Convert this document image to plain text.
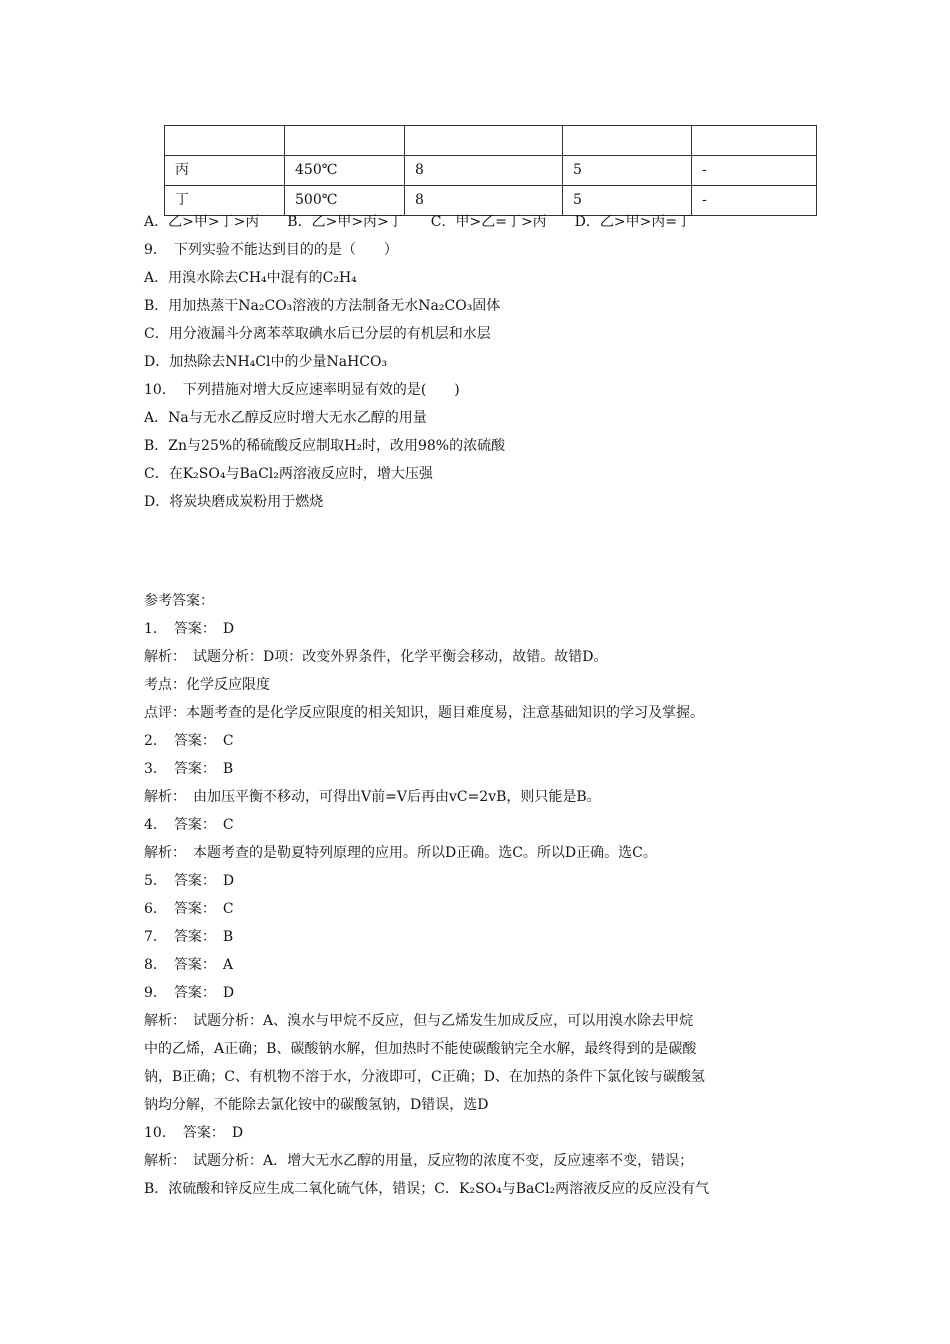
丙	450℃	8	5	-
丁	500℃	8	5	-
A．乙>甲>丁>丙　　B．乙>甲>丙>丁　　C．甲>乙=丁>丙　　D．乙>甲>丙=丁
9．　下列实验不能达到目的的是（　　）
A．用溴水除去CH₄中混有的C₂H₄
B．用加热蒸干Na₂CO₃溶液的方法制备无水Na₂CO₃固体
C．用分液漏斗分离苯萃取碘水后已分层的有机层和水层
D．加热除去NH₄Cl中的少量NaHCO₃
10．　下列措施对增大反应速率明显有效的是(　　)
A．Na与无水乙醇反应时增大无水乙醇的用量
B．Zn与25%的稀硫酸反应制取H₂时，改用98%的浓硫酸
C．在K₂SO₄与BaCl₂两溶液反应时，增大压强
D．将炭块磨成炭粉用于燃烧
参考答案：
1．　答案：　D
解析：　试题分析：D项：改变外界条件，化学平衡会移动，故错。故错D。
考点：化学反应限度
点评：本题考查的是化学反应限度的相关知识，题目难度易，注意基础知识的学习及掌握。
2．　答案：　C
3．　答案：　B
解析：　由加压平衡不移动，可得出V前=V后再由vC=2vB，则只能是B。
4．　答案：　C
解析：　本题考查的是勒夏特列原理的应用。所以D正确。选C。所以D正确。选C。
5．　答案：　D
6．　答案：　C
7．　答案：　B
8．　答案：　A
9．　答案：　D
解析：　试题分析：A、溴水与甲烷不反应，但与乙烯发生加成反应，可以用溴水除去甲烷
中的乙烯，A正确；B、碳酸钠水解，但加热时不能使碳酸钠完全水解，最终得到的是碳酸
钠，B正确；C、有机物不溶于水，分液即可，C正确；D、在加热的条件下氯化铵与碳酸氢
钠均分解，不能除去氯化铵中的碳酸氢钠，D错误，选D
10．　答案：　D
解析：　试题分析：A．增大无水乙醇的用量，反应物的浓度不变，反应速率不变，错误；
B．浓硫酸和锌反应生成二氧化硫气体，错误；C．K₂SO₄与BaCl₂两溶液反应的反应没有气
